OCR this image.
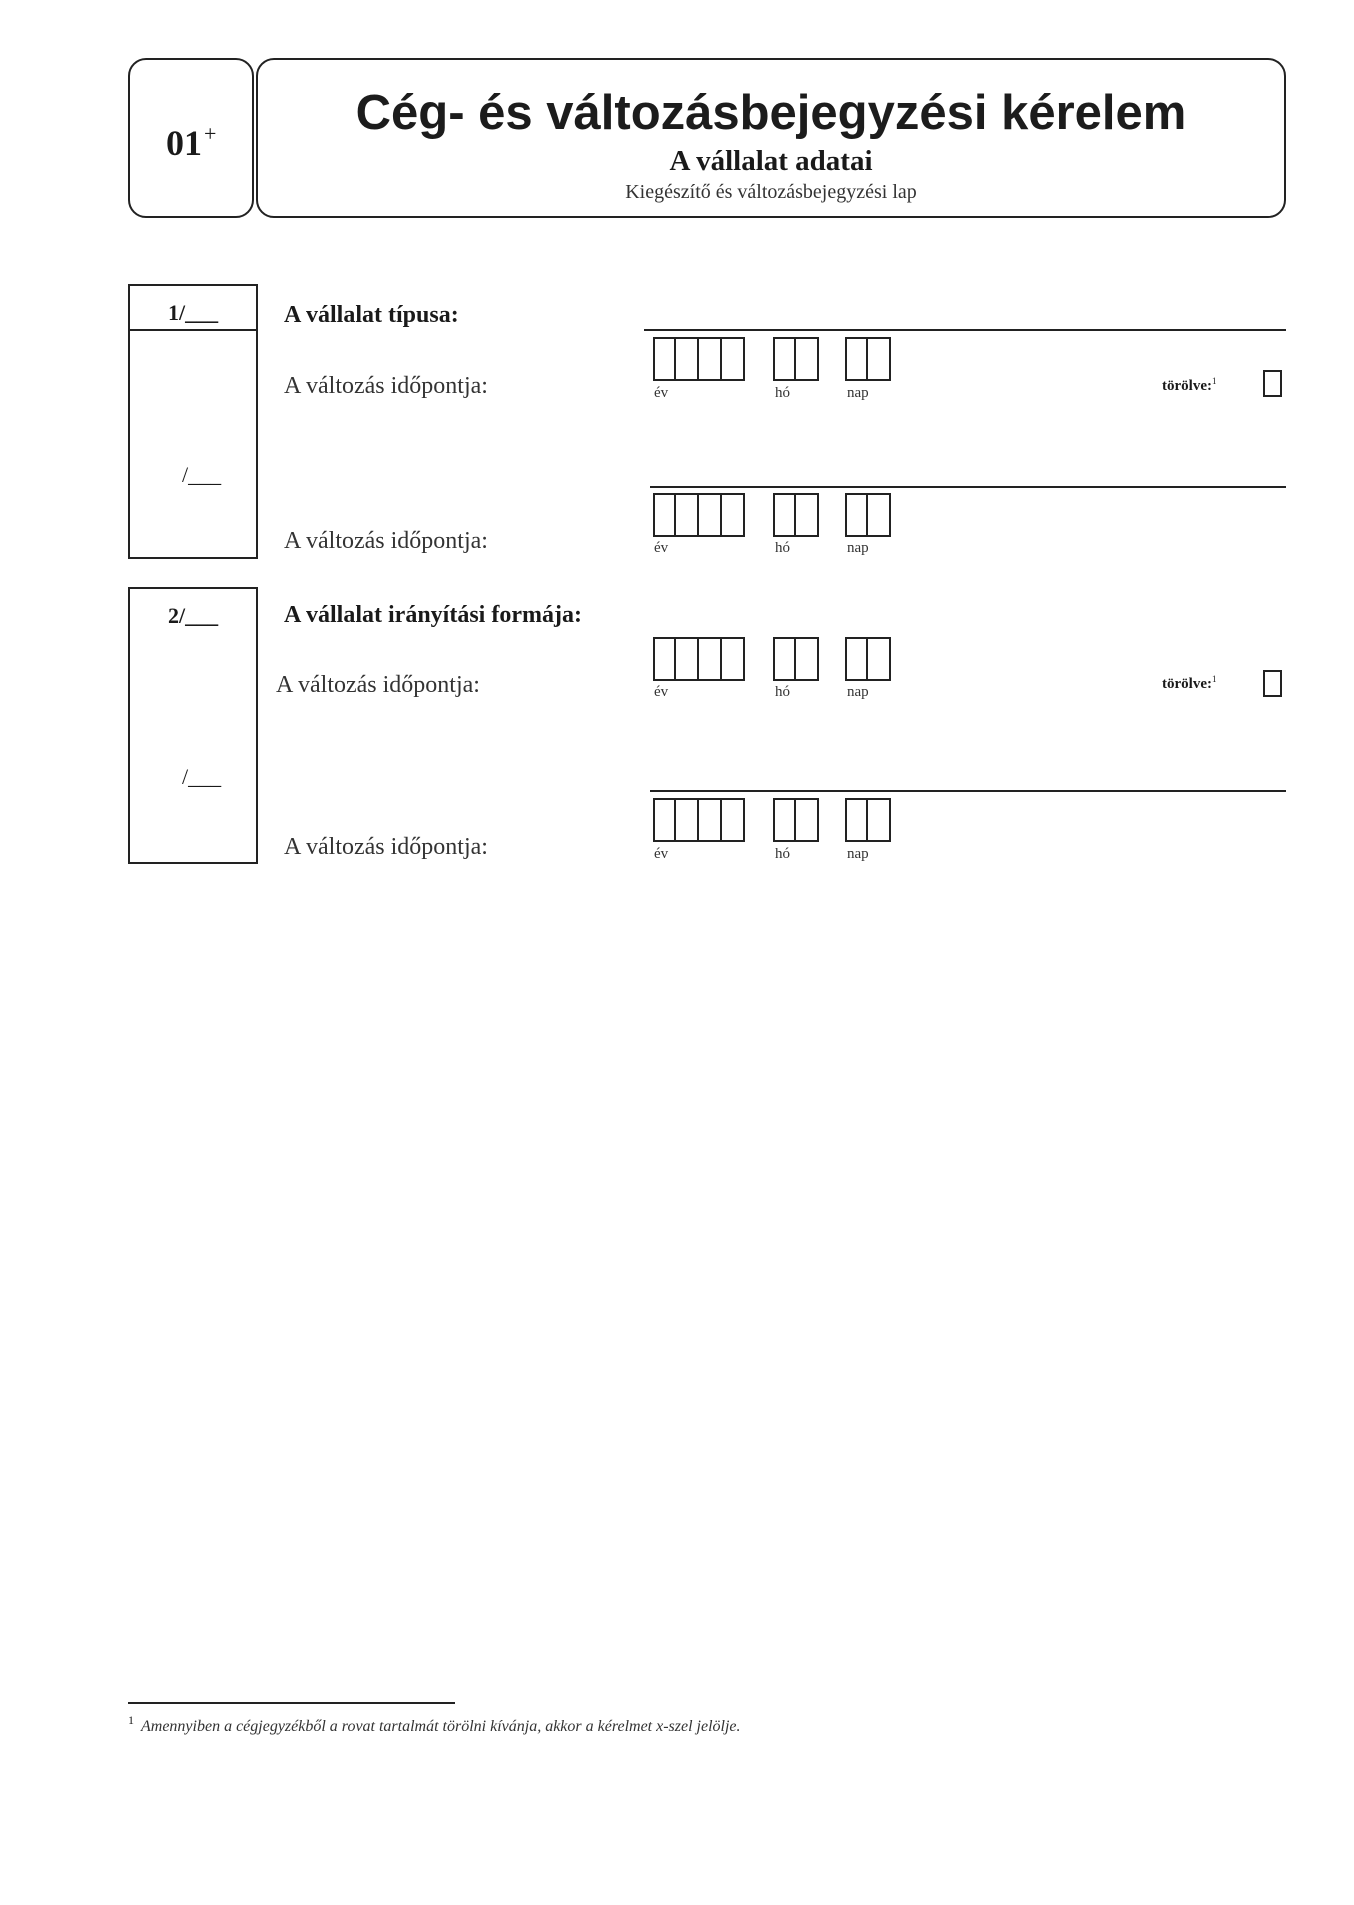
01+	Cég- és változásbejegyzési kérelem
A vállalat adatai
Kiegészítő és változásbejegyzési lap
1/___	A vállalat típusa:
A változás időpontja:	év	hó	nap	törölve:$^1$
/___
A változás időpontja:	év	hó	nap
2/___	A vállalat irányítási formája:
A változás időpontja:	év	hó	nap	törölve:$^1$
/___
A változás időpontja:	év	hó	nap
1 Amennyiben a cégjegyzékből a rovat tartalmát törölni kívánja, akkor a kérelmet x-szel jelölje.
